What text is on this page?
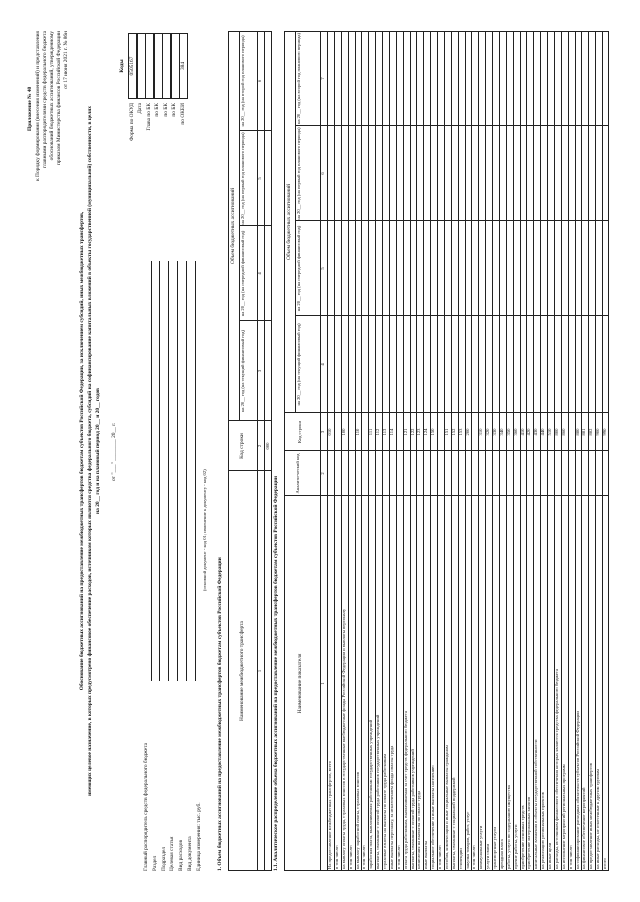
Приложение № 40 к Порядку формирования (внесения изменений) и представления главными распорядителями средств федерального бюджета обоснований бюджетных ассигнований, утвержденному приказом Министерства финансов Российской Федерации от 17 июня 2021 г. № 86н
Обоснование бюджетных ассигнований на предоставление межбюджетных трансфертов бюджетам субъектов Российской Федерации, за исключением субсидий, иных межбюджетных трансфертов, имеющих целевое назначение, в которых предусмотрено финансовое обеспечение расходов, источником которых являются средства федерального бюджета, субсидий на софинансирование капитальных вложений в объекты государственной (муниципальной) собственности, в целях на 20__ год и на плановый период 20__ и 20__ годов от "___" ________ 20__ г.
Коды
Форма по ОКУД
0505167
Дата Глава по БК по БК по БК по БК по ОКЕИ
384
Главный распорядитель средств федерального бюджета Раздел Подраздел Целевая статья Вид расходов Вид документа Единица измерения: тыс. руб.
(основной документ - код 01; изменение к документу - код 02)
1. Объем бюджетных ассигнований на предоставление межбюджетных трансфертов бюджетам субъектов Российской Федерации	Наименование межбюджетного трансферта
Код строки
Объем бюджетных ассигнований
на 20__ год (на текущий финансовый год)
на 20__ год (на очередной финансовый год)
на 20__ год (на первый год планового периода)
на 20__ год (на второй год планового периода)
1
2
3
4
5
6
000
1.1. Аналитическое распределение объема бюджетных ассигнований на предоставление межбюджетных трансфертов бюджетам субъектов Российской Федерации	Наименование показателя
Аналити-ческий код
Код строки
Объем бюджетных ассигнований
на 20__ год (на текущий финансовый год)
на 20__ год (на очередной финансовый год)
на 20__ год (на первый год планового периода)
на 20__ год (на второй год планового периода)
1
2
3
4
5
6
7
На предоставление межбюджетных трансфертов, всего
010
в том числе: на выплату оплаты труда, страховых взносов в государственные внебюджетные фонды Российской Федерации и выплаты персоналу
100
в том числе: на выплату заработной платы, страховых взносов
110
в том числе: заработная плата, выплачиваемая работникам государственных учреждений
111
выплаты, связанные с оплатой труда работников государственных учреждений
112
страховые взносы на выплаты по оплате труда работникам
113
иные выплаты персоналу, за исключением фонда оплаты труда
114
в том числе: оплата труда работникам, выплачиваемая за счет средств федерального бюджета
121
выплаты, связанные с оплатой труда работников учреждений
122
начисления на выплаты по оплате труда
123
иные выплаты
124
социальное обеспечение и иные выплаты населению
150
в том числе: пособия, компенсации и иные социальные выплаты гражданам
151
выплаты, связанные с социальной поддержкой
152
стипендии
153
закупка товаров, работ, услуг
200
в том числе: коммунальные услуги
310
услуги связи
320
транспортные услуги
330
арендная плата
340
работы, услуги по содержанию имущества
350
прочие работы, услуги
360
приобретение основных средств
410
приобретение материальных запасов
420
капитальные вложения в объекты государственной собственности
430
на реализацию региональных проектов
440
на иные цели
510
на расходы, источником финансового обеспечения которых являются средства федерального бюджета
800
на исполнение мероприятий региональных программ
860
в том числе: на софинансирование расходных обязательств субъектов Российской Федерации
880
на финансовое обеспечение мероприятий
881
на предоставление иных межбюджетных трансфертов
882
на иные расходы, не отнесенные к другим группам
900
итого
990
